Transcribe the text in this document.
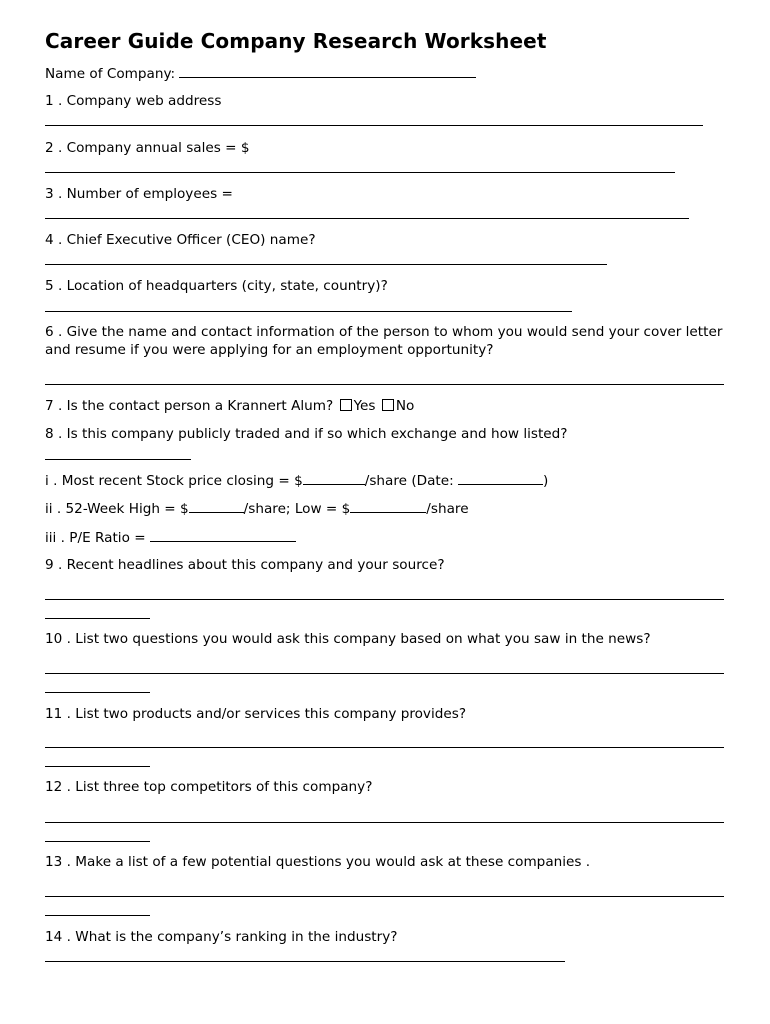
Career Guide Company Research Worksheet
Name of Company:
1 . Company web address
2 . Company annual sales = $
3 . Number of employees =
4 . Chief Executive Officer (CEO) name?
5 . Location of headquarters (city, state, country)?
6 . Give the name and contact information of the person to whom you would send your cover letter and resume if you were applying for an employment opportunity?
7 . Is the contact person a Krannert Alum? Yes No
8 . Is this company publicly traded and if so which exchange and how listed?
i . Most recent Stock price closing = $	/share (Date:	)
ii . 52-Week High = $	/share; Low = $	/share
iii . P/E Ratio =
9 . Recent headlines about this company and your source?
10 . List two questions you would ask this company based on what you saw in the news?
11 . List two products and/or services this company provides?
12 . List three top competitors of this company?
13 . Make a list of a few potential questions you would ask at these companies .
14 . What is the company’s ranking in the industry?
